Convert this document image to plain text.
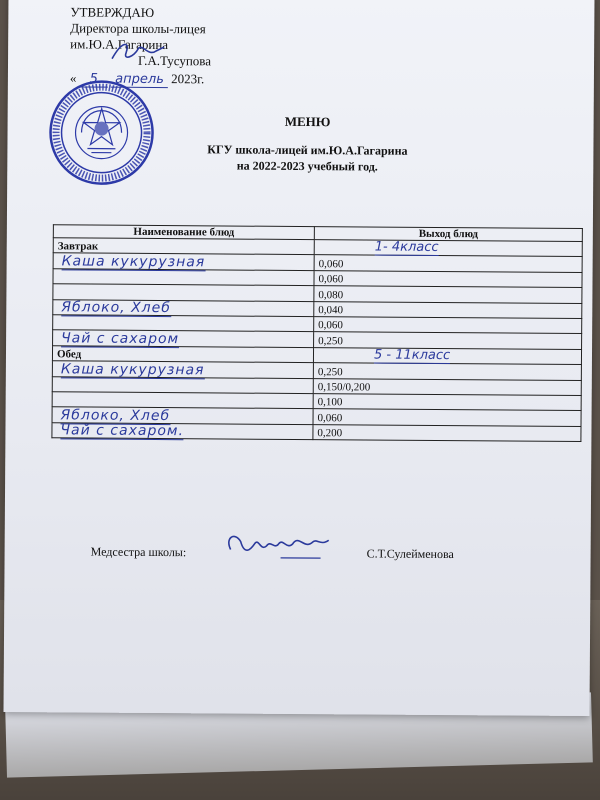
УТВЕРЖДАЮ
Директора школы-лицея
им.Ю.А.Гагарина
Г.А.Тусупова
« 5 апрель 2023г.
МЕНЮ
КГУ школа-лицей им.Ю.А.Гагарина
на 2022-2023 учебный год.
Наименование блюд	Выход блюд
Завтрак	1- 4класс

Каша кукурузная	0,060
	0,060
	0,080

Яблоко, Хлеб	0,040
	0,060

Чай с сахаром	0,250
Обед	5 - 11класс

Каша кукурузная	0,250
	0,150/0,200
	0,100

Яблоко, Хлеб	0,060

Чай с сахаром.	0,200
Медсестра школы:	С.Т.Сулейменова
